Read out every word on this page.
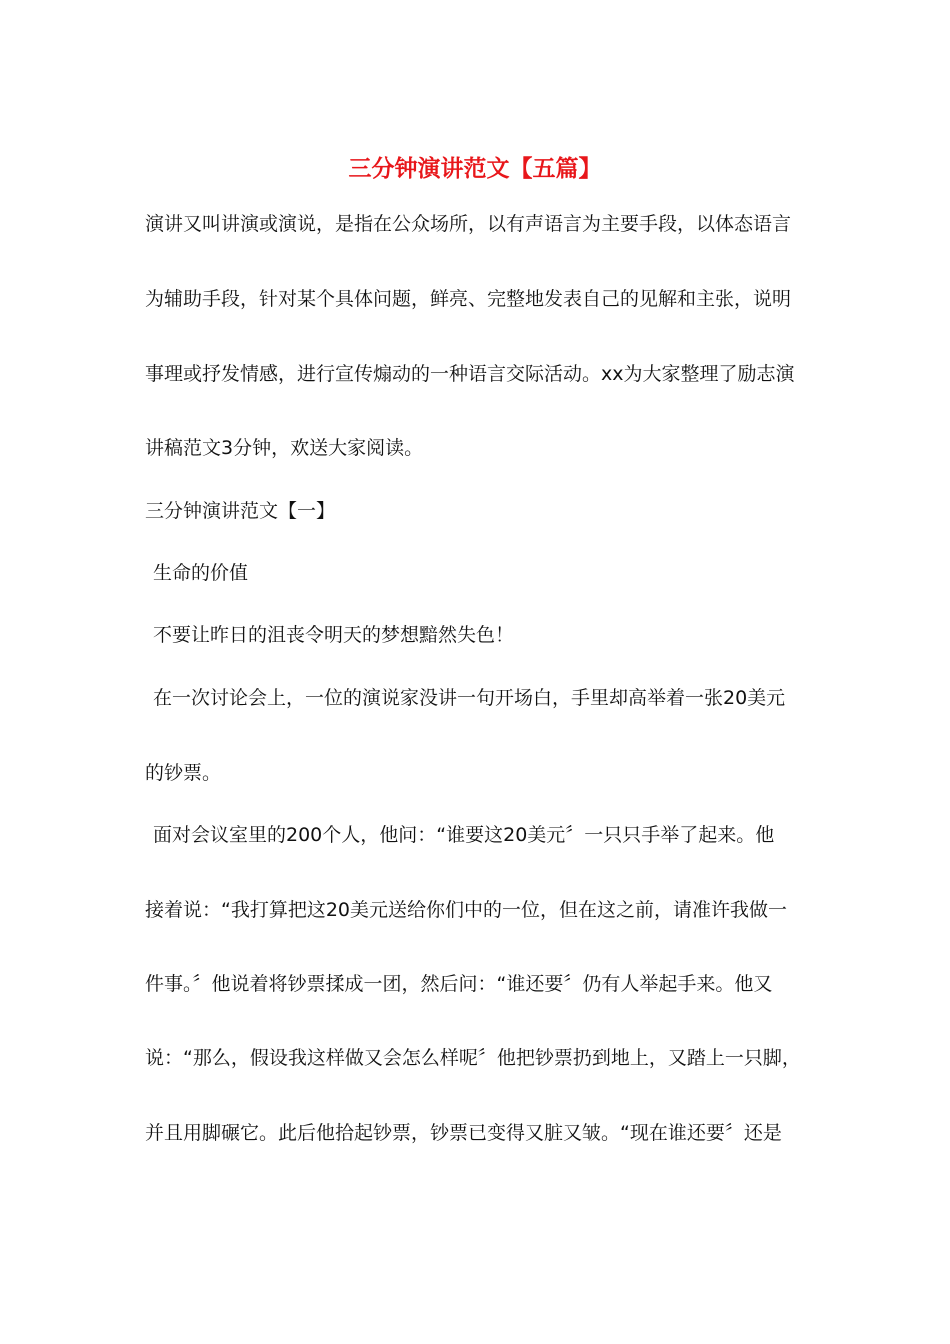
三分钟演讲范文【五篇】
演讲又叫讲演或演说，是指在公众场所，以有声语言为主要手段，以体态语言
为辅助手段，针对某个具体问题，鲜亮、完整地发表自己的见解和主张，说明
事理或抒发情感，进行宣传煽动的一种语言交际活动。xx为大家整理了励志演
讲稿范文3分钟，欢送大家阅读。
三分钟演讲范文【一】
生命的价值
不要让昨日的沮丧令明天的梦想黯然失色！
在一次讨论会上，一位的演说家没讲一句开场白，手里却高举着一张20美元
的钞票。
面对会议室里的200个人，他问：“谁要这20美元〞一只只手举了起来。他
接着说：“我打算把这20美元送给你们中的一位，但在这之前，请准许我做一
件事。〞他说着将钞票揉成一团，然后问：“谁还要〞仍有人举起手来。他又
说：“那么，假设我这样做又会怎么样呢〞他把钞票扔到地上，又踏上一只脚，
并且用脚碾它。此后他拾起钞票，钞票已变得又脏又皱。“现在谁还要〞还是
